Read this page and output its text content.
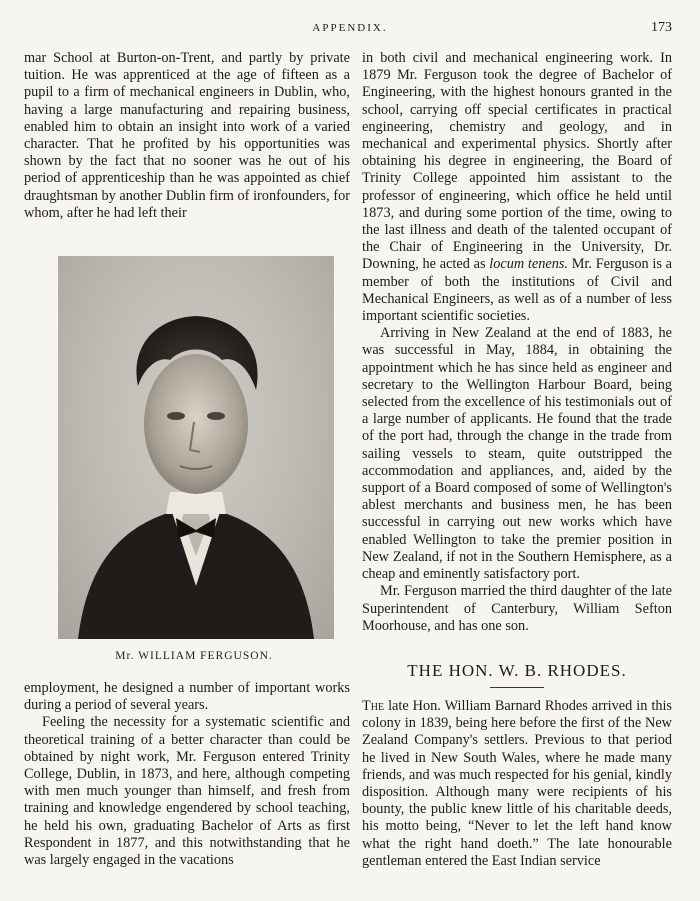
APPENDIX.	173

mar School at Burton-on-Trent, and partly by private tuition. He was apprenticed at the age of fifteen as a pupil to a firm of mechanical engineers in Dublin, who, having a large manufacturing and repairing business, enabled him to obtain an insight into work of a varied character. That he profited by his opportunities was shown by the fact that no sooner was he out of his period of apprenticeship than he was appointed as chief draughtsman by another Dublin firm of ironfounders, for whom, after he had left their

Mr. WILLIAM FERGUSON.

employment, he designed a number of important works during a period of several years.

Feeling the necessity for a systematic scientific and theoretical training of a better character than could be obtained by night work, Mr. Ferguson entered Trinity College, Dublin, in 1873, and here, although competing with men much younger than himself, and fresh from training and knowledge engendered by school teaching, he held his own, graduating Bachelor of Arts as first Respondent in 1877, and this notwithstanding that he was largely engaged in the vacations

in both civil and mechanical engineering work. In 1879 Mr. Ferguson took the degree of Bachelor of Engineering, with the highest honours granted in the school, carrying off special certificates in practical engineering, chemistry and geology, and in mechanical and experimental physics. Shortly after obtaining his degree in engineering, the Board of Trinity College appointed him assistant to the professor of engineering, which office he held until 1873, and during some portion of the time, owing to the last illness and death of the talented occupant of the Chair of Engineering in the University, Dr. Downing, he acted as locum tenens. Mr. Ferguson is a member of both the institutions of Civil and Mechanical Engineers, as well as of a number of less important scientific societies.

Arriving in New Zealand at the end of 1883, he was successful in May, 1884, in obtaining the appointment which he has since held as engineer and secretary to the Wellington Harbour Board, being selected from the excellence of his testimonials out of a large number of applicants. He found that the trade of the port had, through the change in the trade from sailing vessels to steam, quite outstripped the accommodation and appliances, and, aided by the support of a Board composed of some of Wellington's ablest merchants and business men, he has been successful in carrying out new works which have enabled Wellington to take the premier position in New Zealand, if not in the Southern Hemisphere, as a cheap and eminently satisfactory port.

Mr. Ferguson married the third daughter of the late Superintendent of Canterbury, William Sefton Moorhouse, and has one son.

THE HON. W. B. RHODES.

The late Hon. William Barnard Rhodes arrived in this colony in 1839, being here before the first of the New Zealand Company's settlers. Previous to that period he lived in New South Wales, where he made many friends, and was much respected for his genial, kindly disposition. Although many were recipients of his bounty, the public knew little of his charitable deeds, his motto being, “Never to let the left hand know what the right hand doeth.” The late honourable gentleman entered the East Indian service
